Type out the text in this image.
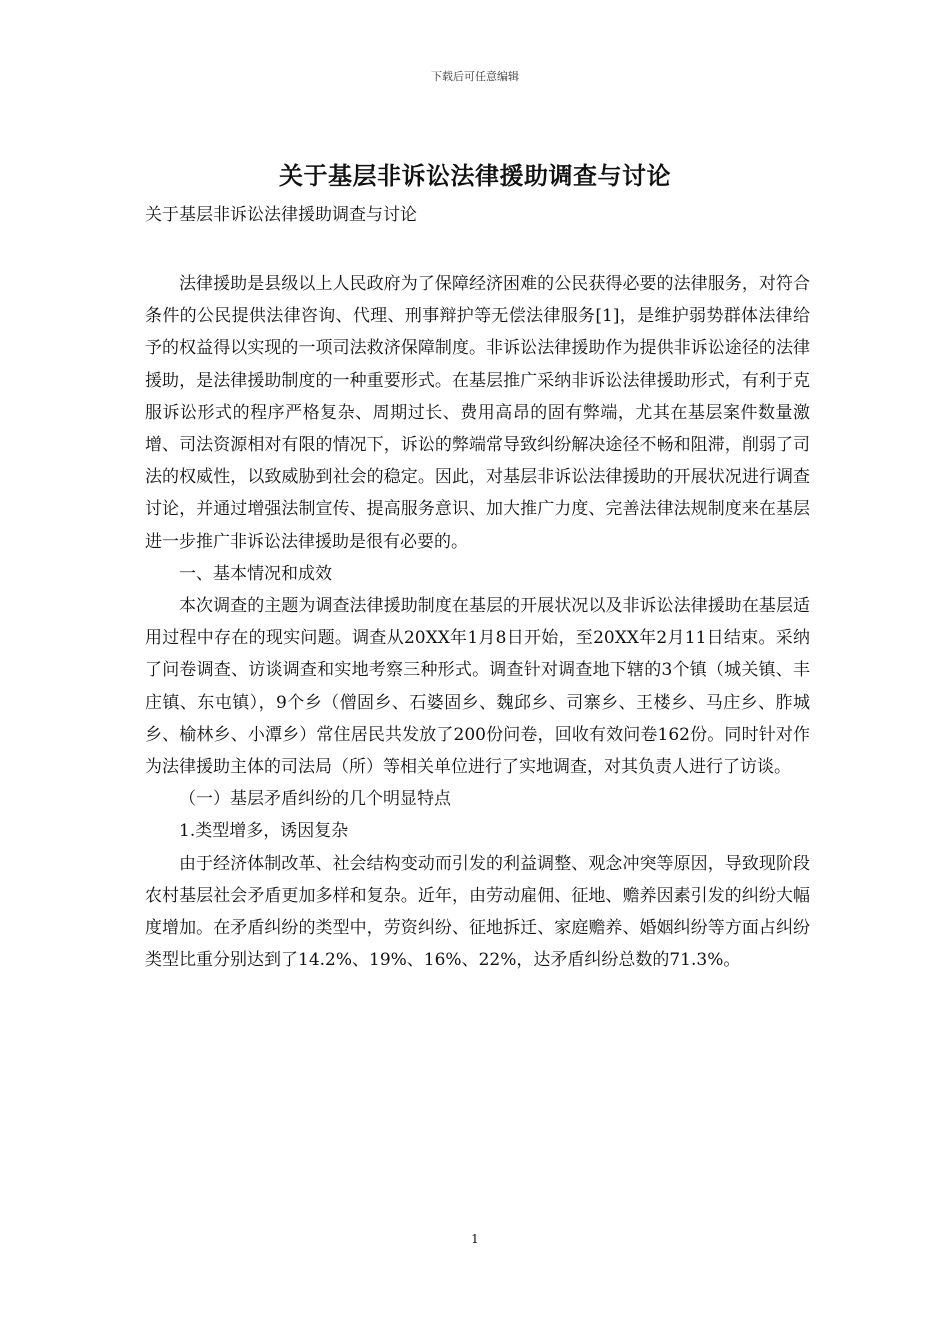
下载后可任意编辑
关于基层非诉讼法律援助调查与讨论
关于基层非诉讼法律援助调查与讨论

法律援助是县级以上人民政府为了保障经济困难的公民获得必要的法律服务，对符合条件的公民提供法律咨询、代理、刑事辩护等无偿法律服务[1]，是维护弱势群体法律给予的权益得以实现的一项司法救济保障制度。非诉讼法律援助作为提供非诉讼途径的法律援助，是法律援助制度的一种重要形式。在基层推广采纳非诉讼法律援助形式，有利于克服诉讼形式的程序严格复杂、周期过长、费用高昂的固有弊端，尤其在基层案件数量激增、司法资源相对有限的情况下，诉讼的弊端常导致纠纷解决途径不畅和阻滞，削弱了司法的权威性，以致威胁到社会的稳定。因此，对基层非诉讼法律援助的开展状况进行调查讨论，并通过增强法制宣传、提高服务意识、加大推广力度、完善法律法规制度来在基层进一步推广非诉讼法律援助是很有必要的。

一、基本情况和成效

本次调查的主题为调查法律援助制度在基层的开展状况以及非诉讼法律援助在基层适用过程中存在的现实问题。调查从20XX年1月8日开始，至20XX年2月11日结束。采纳了问卷调查、访谈调查和实地考察三种形式。调查针对调查地下辖的3个镇（城关镇、丰庄镇、东屯镇），9个乡（僧固乡、石婆固乡、魏邱乡、司寨乡、王楼乡、马庄乡、胙城乡、榆林乡、小潭乡）常住居民共发放了200份问卷，回收有效问卷162份。同时针对作为法律援助主体的司法局（所）等相关单位进行了实地调查，对其负责人进行了访谈。

（一）基层矛盾纠纷的几个明显特点

1.类型增多，诱因复杂

由于经济体制改革、社会结构变动而引发的利益调整、观念冲突等原因，导致现阶段农村基层社会矛盾更加多样和复杂。近年，由劳动雇佣、征地、赡养因素引发的纠纷大幅度增加。在矛盾纠纷的类型中，劳资纠纷、征地拆迁、家庭赡养、婚姻纠纷等方面占纠纷类型比重分别达到了14.2%、19%、16%、22%，达矛盾纠纷总数的71.3%。

1
